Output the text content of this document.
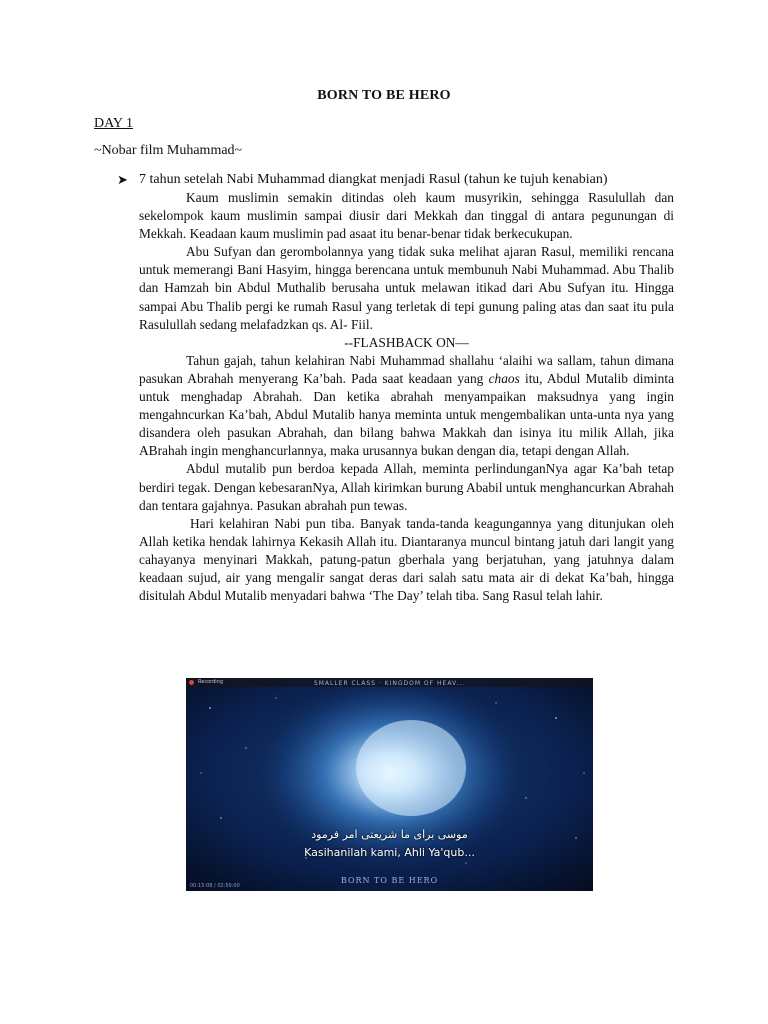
BORN TO BE HERO
DAY 1
~Nobar film Muhammad~
➤ 7 tahun setelah Nabi Muhammad diangkat menjadi Rasul (tahun ke tujuh kenabian)

Kaum muslimin semakin ditindas oleh kaum musyrikin, sehingga Rasulullah dan sekelompok kaum muslimin sampai diusir dari Mekkah dan tinggal di antara pegunungan di Mekkah. Keadaan kaum muslimin pad asaat itu benar-benar tidak berkecukupan.

Abu Sufyan dan gerombolannya yang tidak suka melihat ajaran Rasul, memiliki rencana untuk memerangi Bani Hasyim, hingga berencana untuk membunuh Nabi Muhammad. Abu Thalib dan Hamzah bin Abdul Muthalib berusaha untuk melawan itikad dari Abu Sufyan itu. Hingga sampai Abu Thalib pergi ke rumah Rasul yang terletak di tepi gunung paling atas dan saat itu pula Rasulullah sedang melafadzkan qs. Al- Fiil.

--FLASHBACK ON—

Tahun gajah, tahun kelahiran Nabi Muhammad shallahu ‘alaihi wa sallam, tahun dimana pasukan Abrahah menyerang Ka’bah. Pada saat keadaan yang chaos itu, Abdul Mutalib diminta untuk menghadap Abrahah. Dan ketika abrahah menyampaikan maksudnya yang ingin mengahncurkan Ka’bah, Abdul Mutalib hanya meminta untuk mengembalikan unta-unta nya yang disandera oleh pasukan Abrahah, dan bilang bahwa Makkah dan isinya itu milik Allah, jika ABrahah ingin menghancurlannya, maka urusannya bukan dengan dia, tetapi dengan Allah.

Abdul mutalib pun berdoa kepada Allah, meminta perlindunganNya agar Ka’bah tetap berdiri tegak. Dengan kebesaranNya, Allah kirimkan burung Ababil untuk menghancurkan Abrahah dan tentara gajahnya. Pasukan abrahah pun tewas.

Hari kelahiran Nabi pun tiba. Banyak tanda-tanda keagungannya yang ditunjukan oleh Allah ketika hendak lahirnya Kekasih Allah itu. Diantaranya muncul bintang jatuh dari langit yang cahayanya menyinari Makkah, patung-patun gberhala yang berjatuhan, yang jatuhnya dalam keadaan sujud, air yang mengalir sangat deras dari salah satu mata air di dekat Ka’bah, hingga disitulah Abdul Mutalib menyadari bahwa ‘The Day’ telah tiba. Sang Rasul telah lahir.

Recording	SMALLER CLASS · KINGDOM OF HEAV...
موسی برای ما شریعتی امر فرمود
Kasihanilah kami, Ahli Ya'qub...
BORN TO BE HERO
00:15:08 / 02:50:00
